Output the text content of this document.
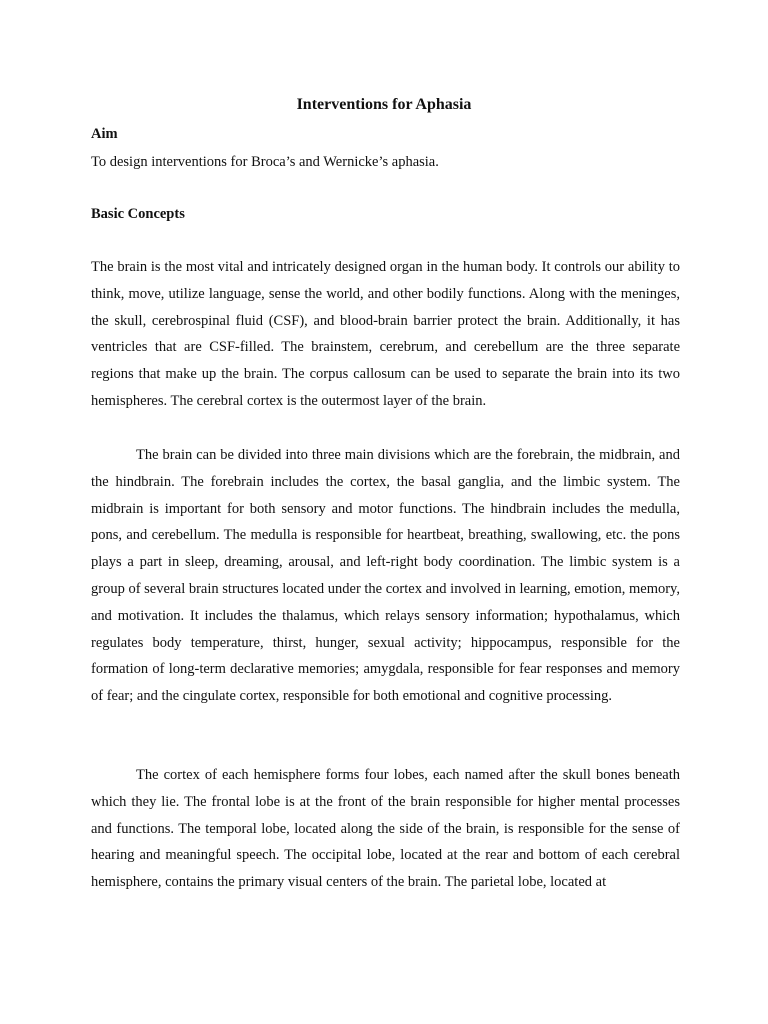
Interventions for Aphasia
Aim
To design interventions for Broca’s and Wernicke’s aphasia.
Basic Concepts
The brain is the most vital and intricately designed organ in the human body. It controls our ability to think, move, utilize language, sense the world, and other bodily functions. Along with the meninges, the skull, cerebrospinal fluid (CSF), and blood-brain barrier protect the brain. Additionally, it has ventricles that are CSF-filled. The brainstem, cerebrum, and cerebellum are the three separate regions that make up the brain. The corpus callosum can be used to separate the brain into its two hemispheres. The cerebral cortex is the outermost layer of the brain.
The brain can be divided into three main divisions which are the forebrain, the midbrain, and the hindbrain. The forebrain includes the cortex, the basal ganglia, and the limbic system. The midbrain is important for both sensory and motor functions. The hindbrain includes the medulla, pons, and cerebellum. The medulla is responsible for heartbeat, breathing, swallowing, etc. the pons plays a part in sleep, dreaming, arousal, and left-right body coordination. The limbic system is a group of several brain structures located under the cortex and involved in learning, emotion, memory, and motivation. It includes the thalamus, which relays sensory information; hypothalamus, which regulates body temperature, thirst, hunger, sexual activity; hippocampus, responsible for the formation of long-term declarative memories; amygdala, responsible for fear responses and memory of fear; and the cingulate cortex, responsible for both emotional and cognitive processing.
The cortex of each hemisphere forms four lobes, each named after the skull bones beneath which they lie. The frontal lobe is at the front of the brain responsible for higher mental processes and functions. The temporal lobe, located along the side of the brain, is responsible for the sense of hearing and meaningful speech. The occipital lobe, located at the rear and bottom of each cerebral hemisphere, contains the primary visual centers of the brain. The parietal lobe, located at
